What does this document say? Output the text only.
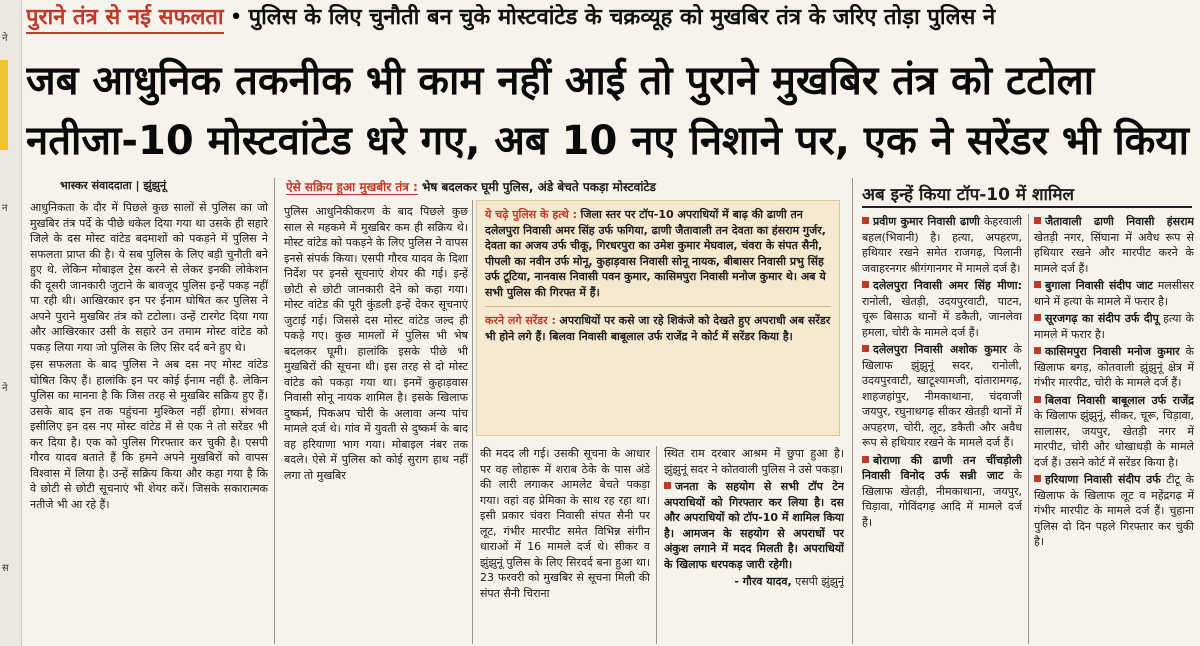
ने
न
ने
स
पुराने तंत्र से नई सफलता • पुलिस के लिए चुनौती बन चुके मोस्टवांटेड के चक्रव्यूह को मुखबिर तंत्र के जरिए तोड़ा पुलिस ने
जब आधुनिक तकनीक भी काम नहीं आई तो पुराने मुखबिर तंत्र को टटोला
नतीजा-10 मोस्टवांटेड धरे गए, अब 10 नए निशाने पर, एक ने सरेंडर भी किया
भास्कर संवाददाता | झुंझुनूं

आधुनिकता के दौर में पिछले कुछ सालों से पुलिस का जो मुखबिर तंत्र पर्दे के पीछे धकेल दिया गया था उसके ही सहारे जिले के दस मोस्ट वांटेड बदमाशों को पकड़ने में पुलिस ने सफलता प्राप्त की है। ये सब पुलिस के लिए बड़ी चुनौती बने हुए थे. लेकिन मोबाइल ट्रेस करने से लेकर इनकी लोकेशन की दूसरी जानकारी जुटाने के बावजूद पुलिस इन्हें पकड़ नहीं पा रही थी। आखिरकार इन पर ईनाम घोषित कर पुलिस ने अपने पुराने मुखबिर तंत्र को टटोला। उन्हें टारगेट दिया गया और आखिरकार उसी के सहारे उन तमाम मोस्ट वांटेड को पकड़ लिया गया जो पुलिस के लिए सिर दर्द बने हुए थे।

इस सफलता के बाद पुलिस ने अब दस नए मोस्ट वांटेड घोषित किए हैं। हालांकि इन पर कोई ईनाम नहीं है. लेकिन पुलिस का मानना है कि जिस तरह से मुखबिर सक्रिय हुए हैं। उसके बाद इन तक पहुंचना मुश्किल नहीं होगा। संभवत इसीलिए इन दस नए मोस्ट वांटेड में से एक ने तो सरेंडर भी कर दिया है। एक को पुलिस गिरफ्तार कर चुकी है। एसपी गौरव यादव बताते हैं कि हमने अपने मुखबिरों को वापस विश्वास में लिया है। उन्हें सक्रिय किया और कहा गया है कि वे छोटी से छोटी सूचनाएं भी शेयर करें। जिसके सकारात्मक नतीजे भी आ रहे हैं।

ऐसे सक्रिय हुआ मुखबीर तंत्र : भेष बदलकर घूमी पुलिस, अंडे बेचते पकड़ा मोस्टवांटेड

पुलिस आधुनिकीकरण के बाद पिछले कुछ साल से महकमे में मुखबिर कम ही सक्रिय थे। मोस्ट वांटेड को पकड़ने के लिए पुलिस ने वापस इनसे संपर्क किया। एसपी गौरव यादव के दिशा निर्देश पर इनसे सूचनाएं शेयर की गई। इन्हें छोटी से छोटी जानकारी देने को कहा गया। मोस्ट वांटेड की पूरी कुंडली इन्हें देकर सूचनाएं जुटाई गई। जिससे दस मोस्ट वांटेड जल्द ही पकड़े गए। कुछ मामलों में पुलिस भी भेष बदलकर घूमी। हालांकि इसके पीछे भी मुखबिरों की सूचना थी। इस तरह से दो मोस्ट वांटेड को पकड़ा गया था। इनमें कुहाड़वास निवासी सोनू नायक शामिल है। इसके खिलाफ दुष्कर्म, पिकअप चोरी के अलावा अन्य पांच मामले दर्ज थे। गांव में युवती से दुष्कर्म के बाद वह हरियाणा भाग गया। मोबाइल नंबर तक बदले। ऐसे में पुलिस को कोई सुराग हाथ नहीं लगा तो मुखबिर

ये चढ़े पुलिस के हत्थे : जिला स्तर पर टॉप-10 अपराधियों में बाढ़ की ढाणी तन दलेलपुरा निवासी अमर सिंह उर्फ फगिया, ढाणी जैतावाली तन देवता का हंसराम गुर्जर, देवता का अजय उर्फ चीकू, गिरधरपुरा का उमेश कुमार मेघवाल, चंवरा के संपत सैनी, पीपली का नवीन उर्फ मोनू, कुहाड़वास निवासी सोनू नायक, बीबासर निवासी प्रभु सिंह उर्फ टूटिया, नानवास निवासी पवन कुमार, कासिमपुरा निवासी मनोज कुमार थे। अब ये सभी पुलिस की गिरफ्त में हैं।
करने लगे सरेंडर : अपराधियों पर कसे जा रहे शिकंजे को देखते हुए अपराधी अब सरेंडर भी होने लगे हैं। बिलवा निवासी बाबूलाल उर्फ राजेंद्र ने कोर्ट में सरेंडर किया है।

की मदद ली गई। उसकी सूचना के आधार पर वह लोहारू में शराब ठेके के पास अंडे की लारी लगाकर आमलेट बेचते पकड़ा गया। वहां वह प्रेमिका के साथ रह रहा था। इसी प्रकार चंवरा निवासी संपत सैनी पर लूट, गंभीर मारपीट समेत विभिन्न संगीन धाराओं में 16 मामले दर्ज थे। सीकर व झुंझुनूं पुलिस के लिए सिरदर्द बना हुआ था। 23 फरवरी को मुखबिर से सूचना मिली की संपत सैनी चिराना

स्थित राम दरबार आश्रम में छुपा हुआ है। झुंझुनूं सदर ने कोतवाली पुलिस ने उसे पकड़ा।

जनता के सहयोग से सभी टॉप टेन अपराधियों को गिरफ्तार कर लिया है। दस और अपराधियों को टॉप-10 में शामिल किया है। आमजन के सहयोग से अपराधों पर अंकुश लगाने में मदद मिलती है। अपराधियों के खिलाफ धरपकड़ जारी रहेगी।

- गौरव यादव, एसपी झुंझुनूं

अब इन्हें किया टॉप-10 में शामिल

प्रवीण कुमार निवासी ढाणी केहरवाली बहल(भिवानी) है। हत्या, अपहरण, हथियार रखने समेत राजगढ़, पिलानी जवाहरनगर श्रीगंगानगर में मामले दर्ज है।

दलेलपुरा निवासी अमर सिंह मीणा: रानोली, खेतड़ी, उदयपुरवाटी, पाटन, चूरू बिसाऊ थानों में डकैती, जानलेवा हमला, चोरी के मामले दर्ज हैं।

दलेलपुरा निवासी अशोक कुमार के खिलाफ झुंझुनूं सदर, रानोली, उदयपुरवाटी, खाटूश्यामजी, दांतारामगढ़, शाहजहांपुर, नीमकाथाना, चंदवाजी जयपुर, रघुनाथगढ़ सीकर खेतड़ी थानों में अपहरण, चोरी, लूट, डकैती और अवैध रूप से हथियार रखने के मामले दर्ज हैं।

बोराणा की ढाणी तन चींचड़ोली निवासी विनोद उर्फ सन्नी जाट के खिलाफ खेतड़ी, नीमकाथाना, जयपुर, चिड़ावा, गोविंदगढ़ आदि में मामले दर्ज हैं।

जैतावाली ढाणी निवासी हंसराम खेतड़ी नगर, सिंघाना में अवैध रूप से हथियार रखने और मारपीट करने के मामले दर्ज हैं।

बुगाला निवासी संदीप जाट मलसीसर थाने में हत्या के मामले में फरार है।

सूरजगढ़ का संदीप उर्फ दीपू हत्या के मामले में फरार है।

कासिमपुरा निवासी मनोज कुमार के खिलाफ बगड़, कोतवाली झुंझुनूं क्षेत्र में गंभीर मारपीट, चोरी के मामले दर्ज हैं।

बिलवा निवासी बाबूलाल उर्फ राजेंद्र के खिलाफ झुंझुनूं, सीकर, चूरू, चिड़ावा, सालासर, जयपुर, खेतड़ी नगर में मारपीट, चोरी और धोखाधड़ी के मामले दर्ज हैं। उसने कोर्ट में सरेंडर किया है।

हरियाणा निवासी संदीप उर्फ टीटू के खिलाफ के खिलाफ लूट व महेंद्रगढ़ में गंभीर मारपीट के मामले दर्ज हैं। चुहाना पुलिस दो दिन पहले गिरफ्तार कर चुकी है।
